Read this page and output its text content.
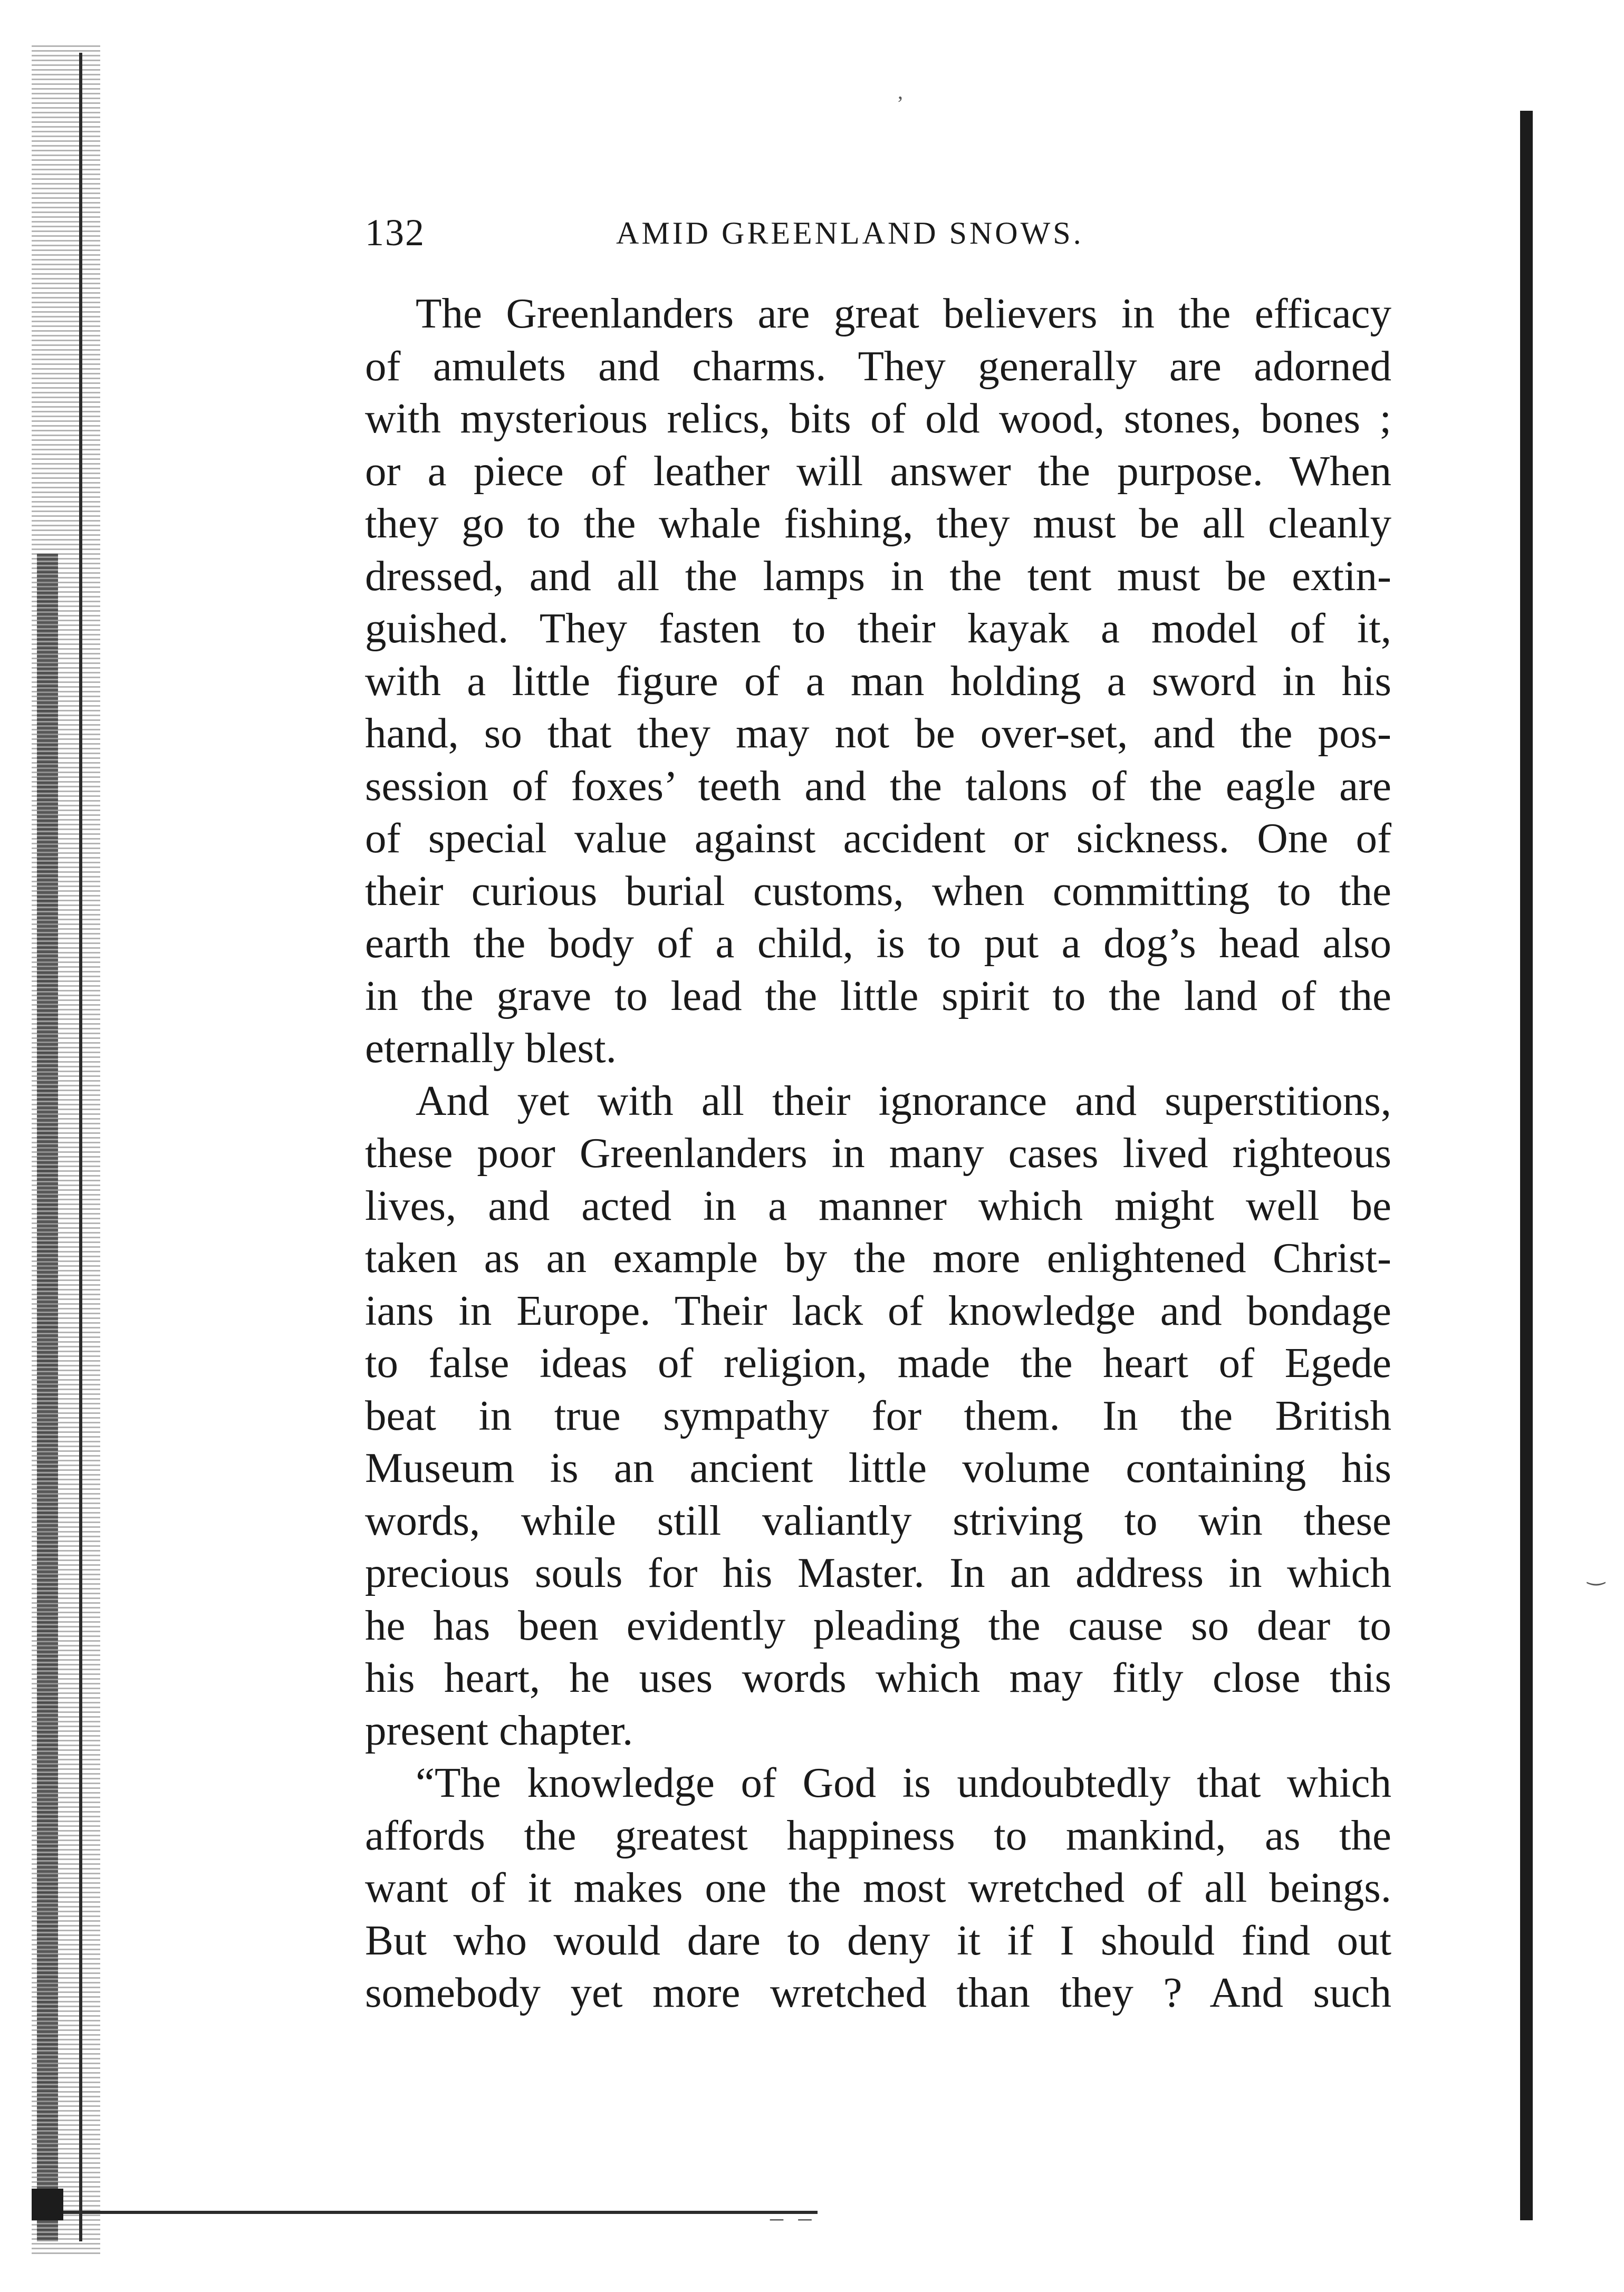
‚
‿
– –
132	AMID GREENLAND SNOWS.
The Greenlanders are great believers in the efficacy
of amulets and charms. They generally are adorned
with mysterious relics, bits of old wood, stones, bones ;
or a piece of leather will answer the purpose. When
they go to the whale fishing, they must be all cleanly
dressed, and all the lamps in the tent must be extin-
guished. They fasten to their kayak a model of it,
with a little figure of a man holding a sword in his
hand, so that they may not be over-set, and the pos-
session of foxes’ teeth and the talons of the eagle are
of special value against accident or sickness. One of
their curious burial customs, when committing to the
earth the body of a child, is to put a dog’s head also
in the grave to lead the little spirit to the land of the
eternally blest.
And yet with all their ignorance and superstitions,
these poor Greenlanders in many cases lived righteous
lives, and acted in a manner which might well be
taken as an example by the more enlightened Christ-
ians in Europe. Their lack of knowledge and bondage
to false ideas of religion, made the heart of Egede
beat in true sympathy for them. In the British
Museum is an ancient little volume containing his
words, while still valiantly striving to win these
precious souls for his Master. In an address in which
he has been evidently pleading the cause so dear to
his heart, he uses words which may fitly close this
present chapter.
“The knowledge of God is undoubtedly that which
affords the greatest happiness to mankind, as the
want of it makes one the most wretched of all beings.
But who would dare to deny it if I should find out
somebody yet more wretched than they ? And such
